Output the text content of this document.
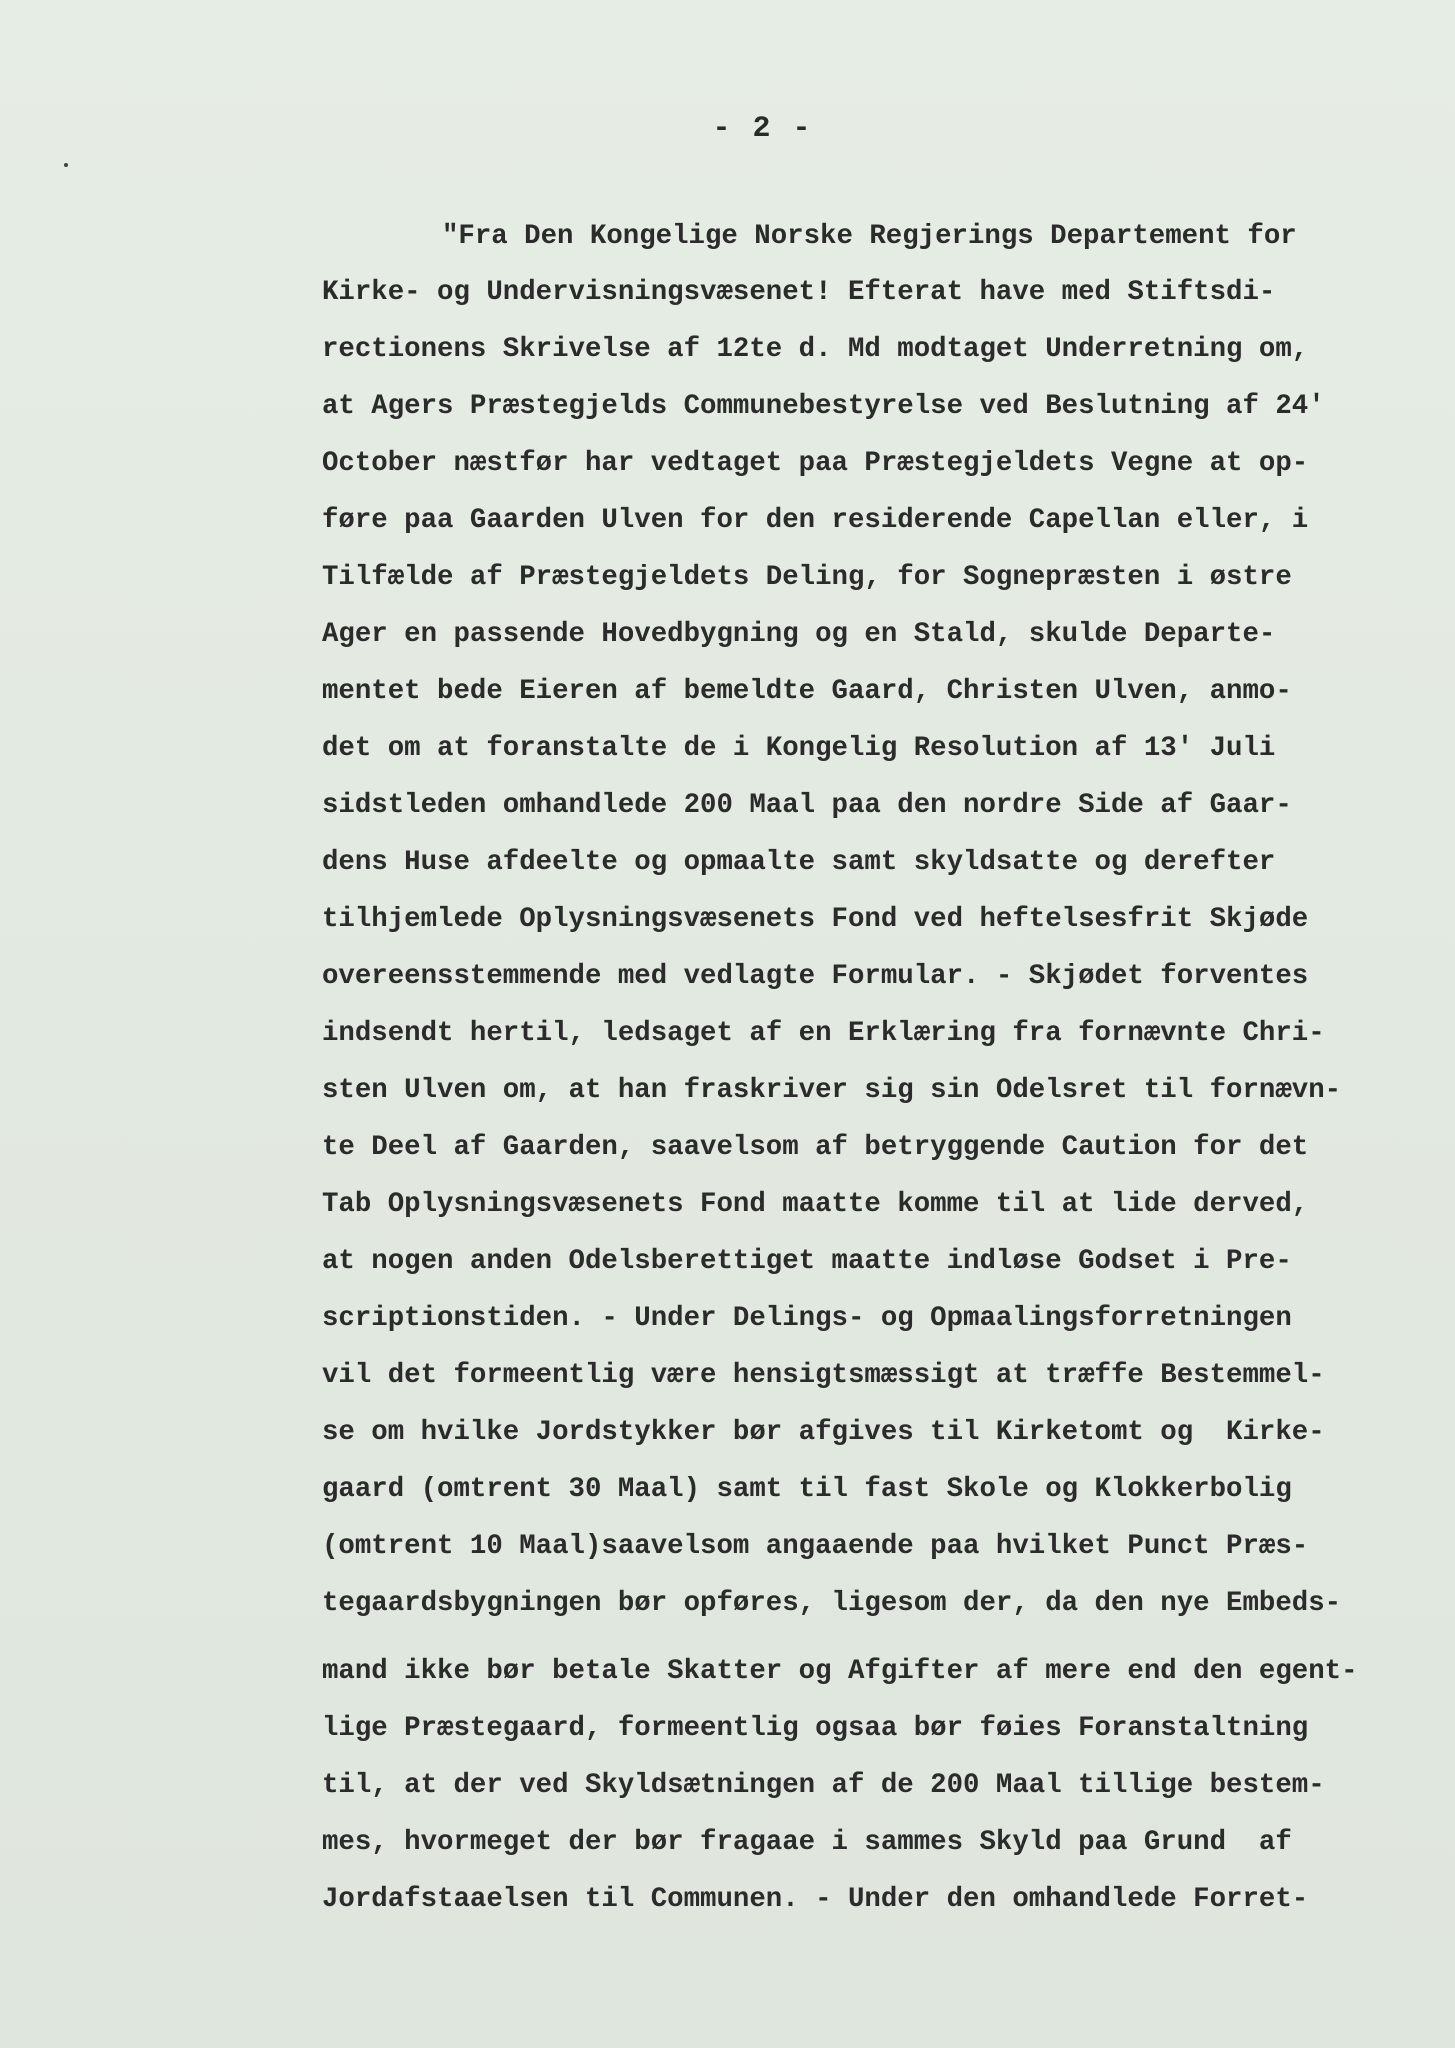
- 2 -
"Fra Den Kongelige Norske Regjerings Departement for
Kirke- og Undervisningsvæsenet! Efterat have med Stiftsdi-
rectionens Skrivelse af 12te d. Md modtaget Underretning om,
at Agers Præstegjelds Communebestyrelse ved Beslutning af 24'
October næstfør har vedtaget paa Præstegjeldets Vegne at op-
føre paa Gaarden Ulven for den residerende Capellan eller, i
Tilfælde af Præstegjeldets Deling, for Sognepræsten i østre
Ager en passende Hovedbygning og en Stald, skulde Departe-
mentet bede Eieren af bemeldte Gaard, Christen Ulven, anmo-
det om at foranstalte de i Kongelig Resolution af 13' Juli
sidstleden omhandlede 200 Maal paa den nordre Side af Gaar-
dens Huse afdeelte og opmaalte samt skyldsatte og derefter
tilhjemlede Oplysningsvæsenets Fond ved heftelsesfrit Skjøde
overeensstemmende med vedlagte Formular. - Skjødet forventes
indsendt hertil, ledsaget af en Erklæring fra fornævnte Chri-
sten Ulven om, at han fraskriver sig sin Odelsret til fornævn-
te Deel af Gaarden, saavelsom af betryggende Caution for det
Tab Oplysningsvæsenets Fond maatte komme til at lide derved,
at nogen anden Odelsberettiget maatte indløse Godset i Pre-
scriptionstiden. - Under Delings- og Opmaalingsforretningen
vil det formeentlig være hensigtsmæssigt at træffe Bestemmel-
se om hvilke Jordstykker bør afgives til Kirketomt og  Kirke-
gaard (omtrent 30 Maal) samt til fast Skole og Klokkerbolig
(omtrent 10 Maal)saavelsom angaaende paa hvilket Punct Præs-
tegaardsbygningen bør opføres, ligesom der, da den nye Embeds-
mand ikke bør betale Skatter og Afgifter af mere end den egent-
lige Præstegaard, formeentlig ogsaa bør føies Foranstaltning
til, at der ved Skyldsætningen af de 200 Maal tillige bestem-
mes, hvormeget der bør fragaae i sammes Skyld paa Grund  af
Jordafstaaelsen til Communen. - Under den omhandlede Forret-
